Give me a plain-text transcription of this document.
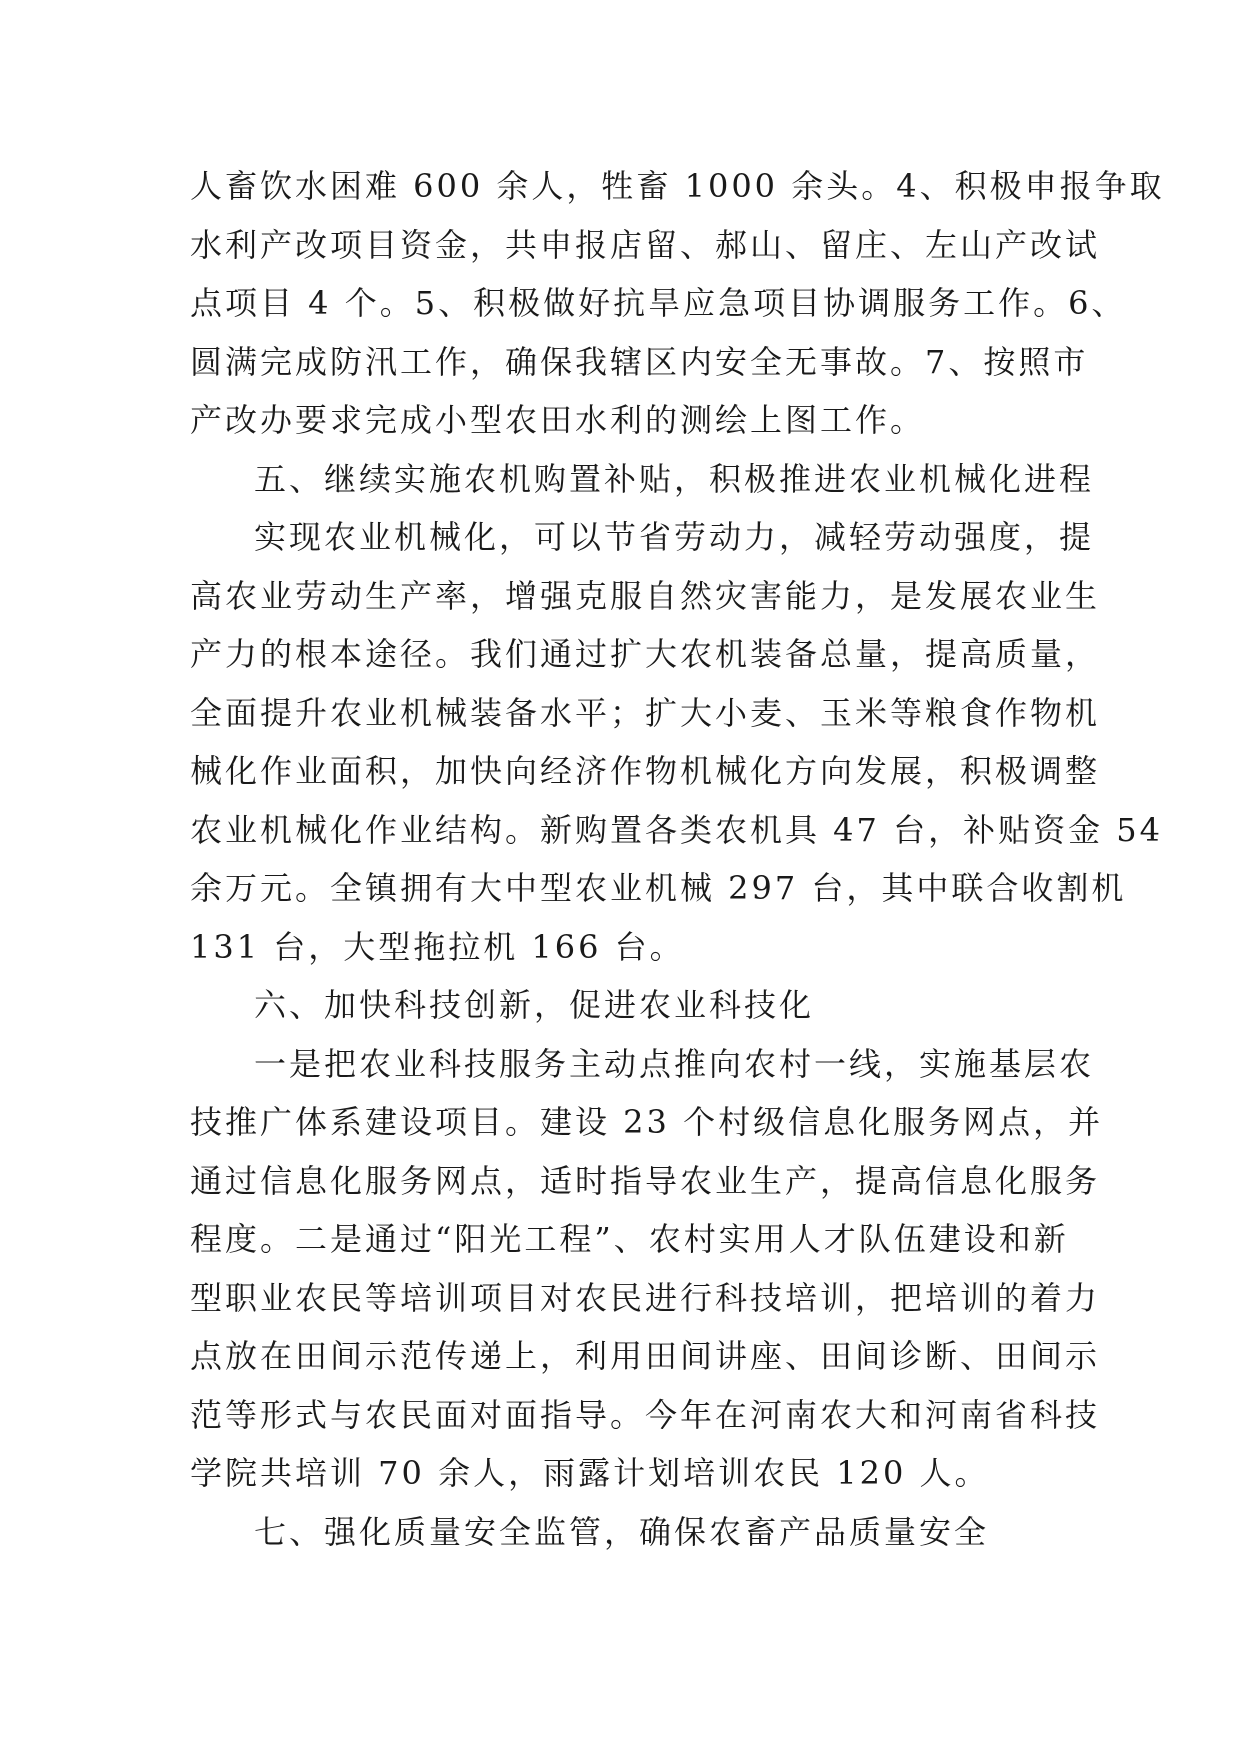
人畜饮水困难 600 余人，牲畜 1000 余头。4、积极申报争取
水利产改项目资金，共申报店留、郝山、留庄、左山产改试
点项目 4 个。5、积极做好抗旱应急项目协调服务工作。6、
圆满完成防汛工作，确保我辖区内安全无事故。7、按照市
产改办要求完成小型农田水利的测绘上图工作。
五、继续实施农机购置补贴，积极推进农业机械化进程
实现农业机械化，可以节省劳动力，减轻劳动强度，提
高农业劳动生产率，增强克服自然灾害能力，是发展农业生
产力的根本途径。我们通过扩大农机装备总量，提高质量，
全面提升农业机械装备水平；扩大小麦、玉米等粮食作物机
械化作业面积，加快向经济作物机械化方向发展，积极调整
农业机械化作业结构。新购置各类农机具 47 台，补贴资金 54
余万元。全镇拥有大中型农业机械 297 台，其中联合收割机
131 台，大型拖拉机 166 台。
六、加快科技创新，促进农业科技化
一是把农业科技服务主动点推向农村一线，实施基层农
技推广体系建设项目。建设 23 个村级信息化服务网点，并
通过信息化服务网点，适时指导农业生产，提高信息化服务
程度。二是通过“阳光工程”、农村实用人才队伍建设和新
型职业农民等培训项目对农民进行科技培训，把培训的着力
点放在田间示范传递上，利用田间讲座、田间诊断、田间示
范等形式与农民面对面指导。今年在河南农大和河南省科技
学院共培训 70 余人，雨露计划培训农民 120 人。
七、强化质量安全监管，确保农畜产品质量安全
